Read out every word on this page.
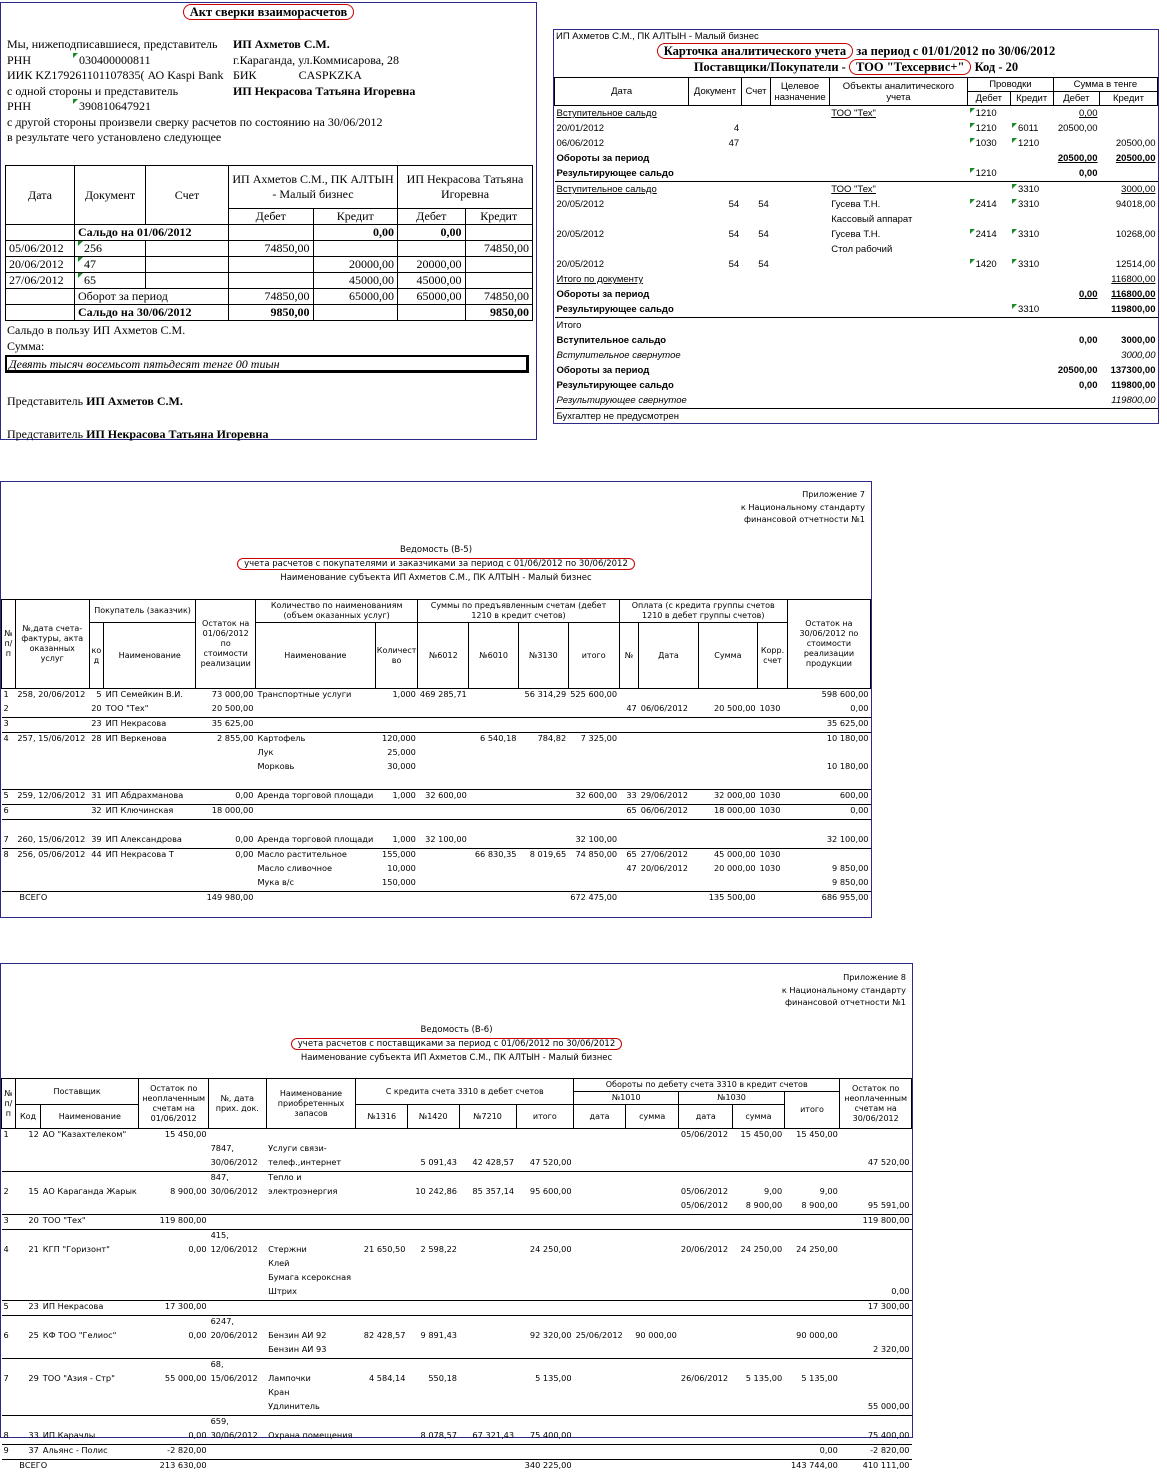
Акт сверки взаиморасчетов
Мы, нижеподписавшиеся, представитель	ИП Ахметов С.М.
РНН	030400000811	г.Караганда, ул.Коммисарова, 28
ИИК KZ179261101107835( АО Kaspi Bank БИК	CASPKZKA
с одной стороны и представитель	ИП Некрасова Татьяна Игоревна
РНН	390810647921
с другой стороны произвели сверку расчетов по состоянию на 30/06/2012
в результате чего установлено следующее
Дата	Документ	Счет	ИП Ахметов С.М., ПК АЛТЫН - Малый бизнес		ИП Некрасова Татьяна Игоревна	
			Дебет	Кредит	Дебет	Кредит
	Сальдо на 01/06/2012			0,00	0,00	
05/06/2012	256		74850,00			74850,00
20/06/2012	47			20000,00	20000,00	
27/06/2012	65			45000,00	45000,00	
	Оборот за период		74850,00	65000,00	65000,00	74850,00
	Сальдо на 30/06/2012		9850,00			9850,00
Сальдо в пользу ИП Ахметов С.М.
Сумма:
Девять тысяч восемьсот пятьдесят тенге 00 тиын
Представитель ИП Ахметов С.М.
Представитель ИП Некрасова Татьяна Игоревна
ИП Ахметов С.М., ПК АЛТЫН - Малый бизнес
Карточка аналитического учета за период с 01/01/2012 по 30/06/2012
Поставщики/Покупатели - ТОО "Техсервис+" Код - 20
Дата	Документ	Счет	Целевое назначение	Объекты аналитического учета	Проводки		Сумма в тенге	
					Дебет	Кредит	Дебет	Кредит
Вступительное сальдо				ТОО "Тех"	1210		0,00	
20/01/2012	4				1210	6011	20500,00	
06/06/2012	47				1030	1210		20500,00
Обороты за период							20500,00	20500,00
Результирующее сальдо					1210		0,00	
Вступительное сальдо				ТОО "Тех"		3310		3000,00
20/05/2012	54	54		Гусева Т.Н.	2414	3310		94018,00
				Кассовый аппарат				
20/05/2012	54	54		Гусева Т.Н.	2414	3310		10268,00
				Стол рабочий				
20/05/2012	54	54			1420	3310		12514,00
Итого по документу								116800,00
Обороты за период							0,00	116800,00
Результирующее сальдо						3310		119800,00
Итого								
Вступительное сальдо							0,00	3000,00
Вступительное свернутое								3000,00
Обороты за период							20500,00	137300,00
Результирующее сальдо							0,00	119800,00
Результирующее свернутое								119800,00
Бухгалтер не предусмотрен								
Приложение 7
к Национальному стандарту
финансовой отчетности №1
Ведомость (В-5)
учета расчетов с покупателями и заказчиками за период с 01/06/2012 по 30/06/2012
Наименование субъекта ИП Ахметов С.М., ПК АЛТЫН - Малый бизнес
№ п/п	№,дата счета-фактуры, акта оказанных услуг	Покупатель (заказчик)		Остаток на 01/06/2012 по стоимости реализации	Количество по наименованиям (объем оказанных услуг)		Суммы по предъявленным счетам (дебет 1210 в кредит счетов)				Оплата (с кредита группы счетов 1210 в дебет группы счетов)				Остаток на 30/06/2012 по стоимости реализации продукции
		ко д	Наименование		Наименование	Количест во	№6012	№6010	№3130	итого	№	Дата	Сумма	Корр. счет	
1	258, 20/06/2012	5	ИП Семейкин В.И.	73 000,00	Транспортные услуги	1,000	469 285,71		56 314,29	525 600,00					598 600,00
2		20	ТОО "Тех"	20 500,00							47	06/06/2012	20 500,00	1030	0,00
3		23	ИП Некрасова	35 625,00											35 625,00
4	257, 15/06/2012	28	ИП Веркенова	2 855,00	Картофель	120,000		6 540,18	784,82	7 325,00					10 180,00
					Лук	25,000									
					Морковь	30,000									10 180,00

5	259, 12/06/2012	31	ИП Абдрахманова	0,00	Аренда торговой площади	1,000	32 600,00			32 600,00	33	29/06/2012	32 000,00	1030	600,00
6		32	ИП Ключинская	18 000,00							65	06/06/2012	18 000,00	1030	0,00

7	260, 15/06/2012	39	ИП Александрова	0,00	Аренда торговой площади	1,000	32 100,00			32 100,00					32 100,00
8	256, 05/06/2012	44	ИП Некрасова Т	0,00	Масло растительное	155,000		66 830,35	8 019,65	74 850,00	65	27/06/2012	45 000,00	1030	
					Масло сливочное	10,000					47	20/06/2012	20 000,00	1030	9 850,00
					Мука в/с	150,000									9 850,00
	ВСЕГО			149 980,00						672 475,00			135 500,00		686 955,00
Приложение 8
к Национальному стандарту
финансовой отчетности №1
Ведомость (В-6)
учета расчетов с поставщиками за период с 01/06/2012 по 30/06/2012
Наименование субъекта ИП Ахметов С.М., ПК АЛТЫН - Малый бизнес
№ п/ п	Поставщик		Остаток по неоплаченным счетам на 01/06/2012	№, дата прих. док.	Наименование приобретенных запасов	С кредита счета 3310 в дебет счетов				Обороты по дебету счета 3310 в кредит счетов					Остаток по неоплаченным счетам на 30/06/2012
										№1010		№1030		итого	
	Код	Наименование				№1316	№1420	№7210	итого	дата	сумма	дата	сумма		
1	12	АО "Казахтелеком"	15 450,00									05/06/2012	15 450,00	15 450,00	
				7847,	Услуги связи-										
				30/06/2012	телеф.,интернет		5 091,43	42 428,57	47 520,00						47 520,00
				847,	Тепло и										
2	15	АО Караганда Жарык	8 900,00	30/06/2012	электроэнергия		10 242,86	85 357,14	95 600,00			05/06/2012	9,00	9,00	
												05/06/2012	8 900,00	8 900,00	95 591,00
3	20	ТОО "Тех"	119 800,00												119 800,00
				415,											
4	21	КГП "Горизонт"	0,00	12/06/2012	Стержни	21 650,50	2 598,22		24 250,00			20/06/2012	24 250,00	24 250,00	
					Клей										
					Бумага ксероксная										
					Штрих										0,00
5	23	ИП Некрасова	17 300,00												17 300,00
				6247,											
6	25	КФ ТОО "Гелиос"	0,00	20/06/2012	Бензин АИ 92	82 428,57	9 891,43		92 320,00	25/06/2012	90 000,00			90 000,00	
					Бензин АИ 93										2 320,00
				68,											
7	29	ТОО "Азия - Стр"	55 000,00	15/06/2012	Лампочки	4 584,14	550,18		5 135,00			26/06/2012	5 135,00	5 135,00	
					Кран										
					Удлинитель										55 000,00
				659,											
8	33	ИП Карачлы	0,00	30/06/2012	Охрана помещения		8 078,57	67 321,43	75 400,00						75 400,00
9	37	Альянс - Полис	-2 820,00											0,00	-2 820,00
	ВСЕГО		213 630,00						340 225,00					143 744,00	410 111,00
